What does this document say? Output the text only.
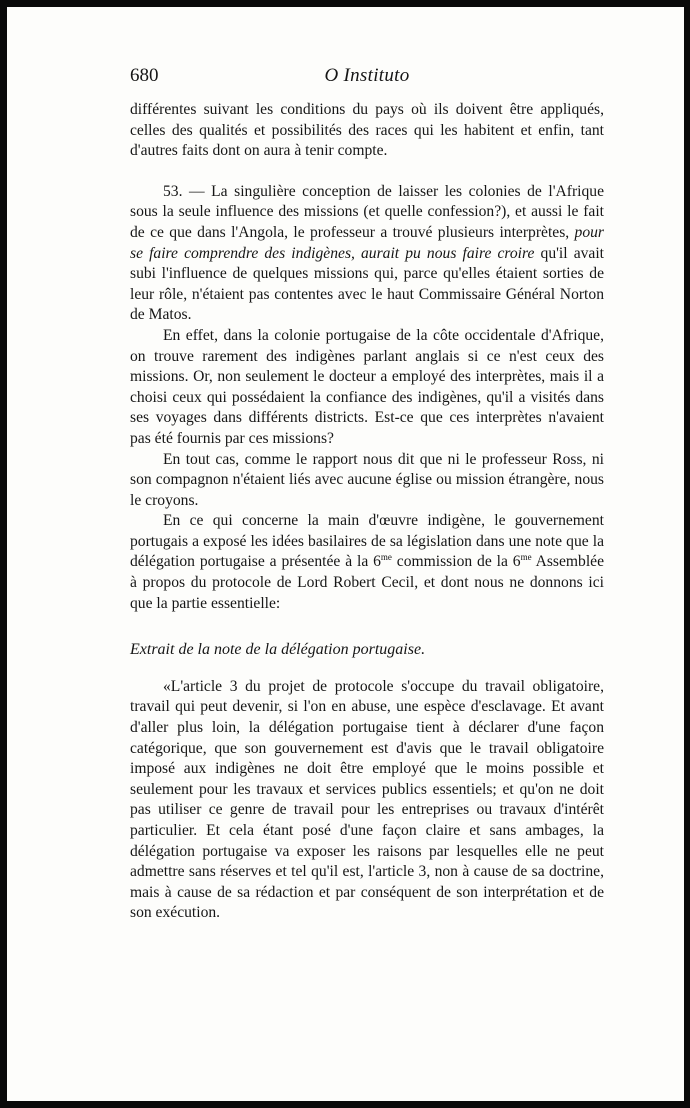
680	O Instituto

différentes suivant les conditions du pays où ils doivent être appliqués, celles des qualités et possibilités des races qui les habitent et enfin, tant d'autres faits dont on aura à tenir compte.

53. — La singulière conception de laisser les colonies de l'Afrique sous la seule influence des missions (et quelle confession?), et aussi le fait de ce que dans l'Angola, le professeur a trouvé plusieurs interprètes, pour se faire comprendre des indigènes, aurait pu nous faire croire qu'il avait subi l'influence de quelques missions qui, parce qu'elles étaient sorties de leur rôle, n'étaient pas contentes avec le haut Commissaire Général Norton de Matos.

En effet, dans la colonie portugaise de la côte occidentale d'Afrique, on trouve rarement des indigènes parlant anglais si ce n'est ceux des missions. Or, non seulement le docteur a employé des interprètes, mais il a choisi ceux qui possédaient la confiance des indigènes, qu'il a visités dans ses voyages dans différents districts. Est-ce que ces interprètes n'avaient pas été fournis par ces missions?

En tout cas, comme le rapport nous dit que ni le professeur Ross, ni son compagnon n'étaient liés avec aucune église ou mission étrangère, nous le croyons.

En ce qui concerne la main d'œuvre indigène, le gouvernement portugais a exposé les idées basilaires de sa législation dans une note que la délégation portugaise a présentée à la $6^{me}$ commission de la $6^{me}$ Assemblée à propos du protocole de Lord Robert Cecil, et dont nous ne donnons ici que la partie essentielle:

Extrait de la note de la délégation portugaise.

«L'article 3 du projet de protocole s'occupe du travail obligatoire, travail qui peut devenir, si l'on en abuse, une espèce d'esclavage. Et avant d'aller plus loin, la délégation portugaise tient à déclarer d'une façon catégorique, que son gouvernement est d'avis que le travail obligatoire imposé aux indigènes ne doit être employé que le moins possible et seulement pour les travaux et services publics essentiels; et qu'on ne doit pas utiliser ce genre de travail pour les entreprises ou travaux d'intérêt particulier. Et cela étant posé d'une façon claire et sans ambages, la délégation portugaise va exposer les raisons par lesquelles elle ne peut admettre sans réserves et tel qu'il est, l'article 3, non à cause de sa doctrine, mais à cause de sa rédaction et par conséquent de son interprétation et de son exécution.
